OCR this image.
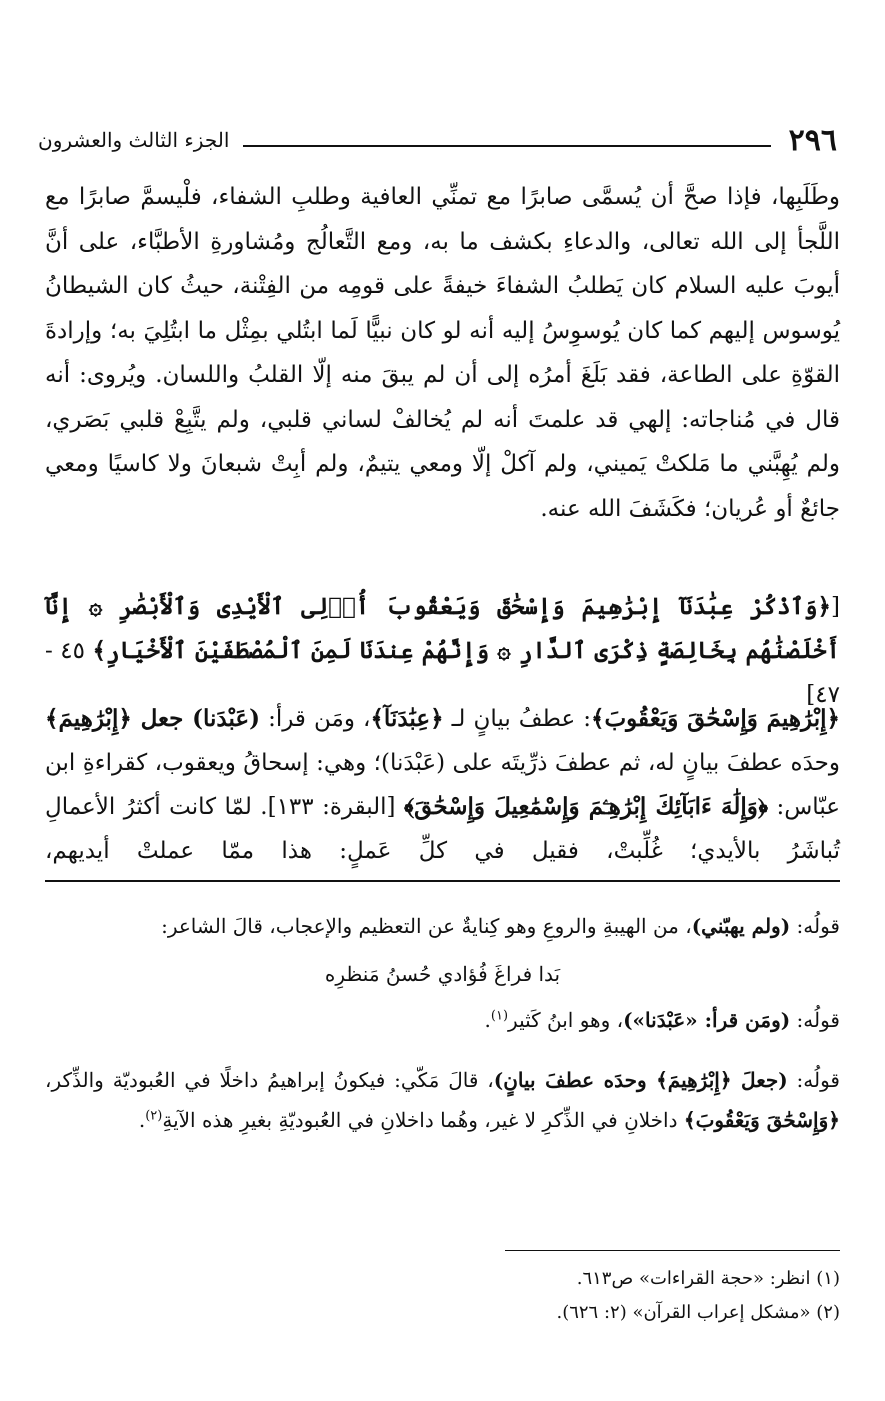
٢٩٦
الجزء الثالث والعشرون

وطَلَبِها، فإذا صحَّ أن يُسمَّى صابرًا مع تمنِّي العافية وطلبِ الشفاء، فلْيسمَّ صابرًا مع اللَّجأ إلى الله تعالى، والدعاءِ بكشف ما به، ومع التَّعالُج ومُشاورةِ الأطبَّاء، على أنَّ أيوبَ عليه السلام كان يَطلبُ الشفاءَ خيفةً على قومِه من الفِتْنة، حيثُ كان الشيطانُ يُوسوس إليهم كما كان يُوسوِسُ إليه أنه لو كان نبيًّا لَما ابتُلي بمِثْل ما ابتُلِيَ به؛ وإرادةَ القوّةِ على الطاعة، فقد بَلَغَ أمرُه إلى أن لم يبقَ منه إلّا القلبُ واللسان. ويُروى: أنه قال في مُناجاته: إلهي قد علمتَ أنه لم يُخالفْ لساني قلبي، ولم يتَّبِعْ قلبي بَصَري، ولم يُهِبَّني ما مَلكتْ يَميني، ولم آكلْ إلّا ومعي يتيمٌ، ولم أبِتْ شبعانَ ولا كاسيًا ومعي جائعٌ أو عُريان؛ فكَشَفَ الله عنه.

[﴿وَٱذْكُرْ عِبَٰدَنَآ إِبْرَٰهِيمَ وَإِسْحَٰقَ وَيَعْقُوبَ أُو۟لِى ٱلْأَيْدِى وَٱلْأَبْصَٰرِ ۞ إِنَّآ أَخْلَصْنَٰهُم بِخَالِصَةٍ ذِكْرَى ٱلدَّارِ ۞ وَإِنَّهُمْ عِندَنَا لَمِنَ ٱلْمُصْطَفَيْنَ ٱلْأَخْيَارِ﴾ ٤٥ - ٤٧]

﴿إِبْرَٰهِيمَ وَإِسْحَٰقَ وَيَعْقُوبَ﴾: عطفُ بيانٍ لـ ﴿عِبَٰدَنَآ﴾، ومَن قرأ: (عَبْدَنا) جعل ﴿إِبْرَٰهِيمَ﴾ وحدَه عطفَ بيانٍ له، ثم عطفَ ذرِّيتَه على (عَبْدَنا)؛ وهي: إسحاقُ ويعقوب، كقراءةِ ابن عبّاس: ﴿وَإِلَٰهَ ءَابَآئِكَ إِبْرَٰهِـۧمَ وَإِسْمَٰعِيلَ وَإِسْحَٰقَ﴾ [البقرة: ١٣٣]. لمّا كانت أكثرُ الأعمالِ تُباشَرُ بالأيدي؛ غُلِّبتْ، فقيل في كلِّ عَملٍ: هذا ممّا عملتْ أيديهم،

قولُه: (ولم يهبّني)، من الهيبةِ والروعِ وهو كِنايةٌ عن التعظيم والإعجاب، قالَ الشاعر:

بَدا فراغَ فُؤادي حُسنُ مَنظرِه

قولُه: (ومَن قرأ: «عَبْدَنا»)، وهو ابنُ كَثير$^{(١)}$.

قولُه: (جعلَ ﴿إِبْرَٰهِيمَ﴾ وحدَه عطفَ بيانٍ)، قالَ مَكّي: فيكونُ إبراهيمُ داخلًا في العُبوديّة والذِّكر، ﴿وَإِسْحَٰقَ وَيَعْقُوبَ﴾ داخلانِ في الذِّكرِ لا غير، وهُما داخلانِ في العُبوديّةِ بغيرِ هذه الآيةِ$^{(٢)}$.

(١) انظر: «حجة القراءات» ص٦١٣.

(٢) «مشكل إعراب القرآن» (٢: ٦٢٦).
